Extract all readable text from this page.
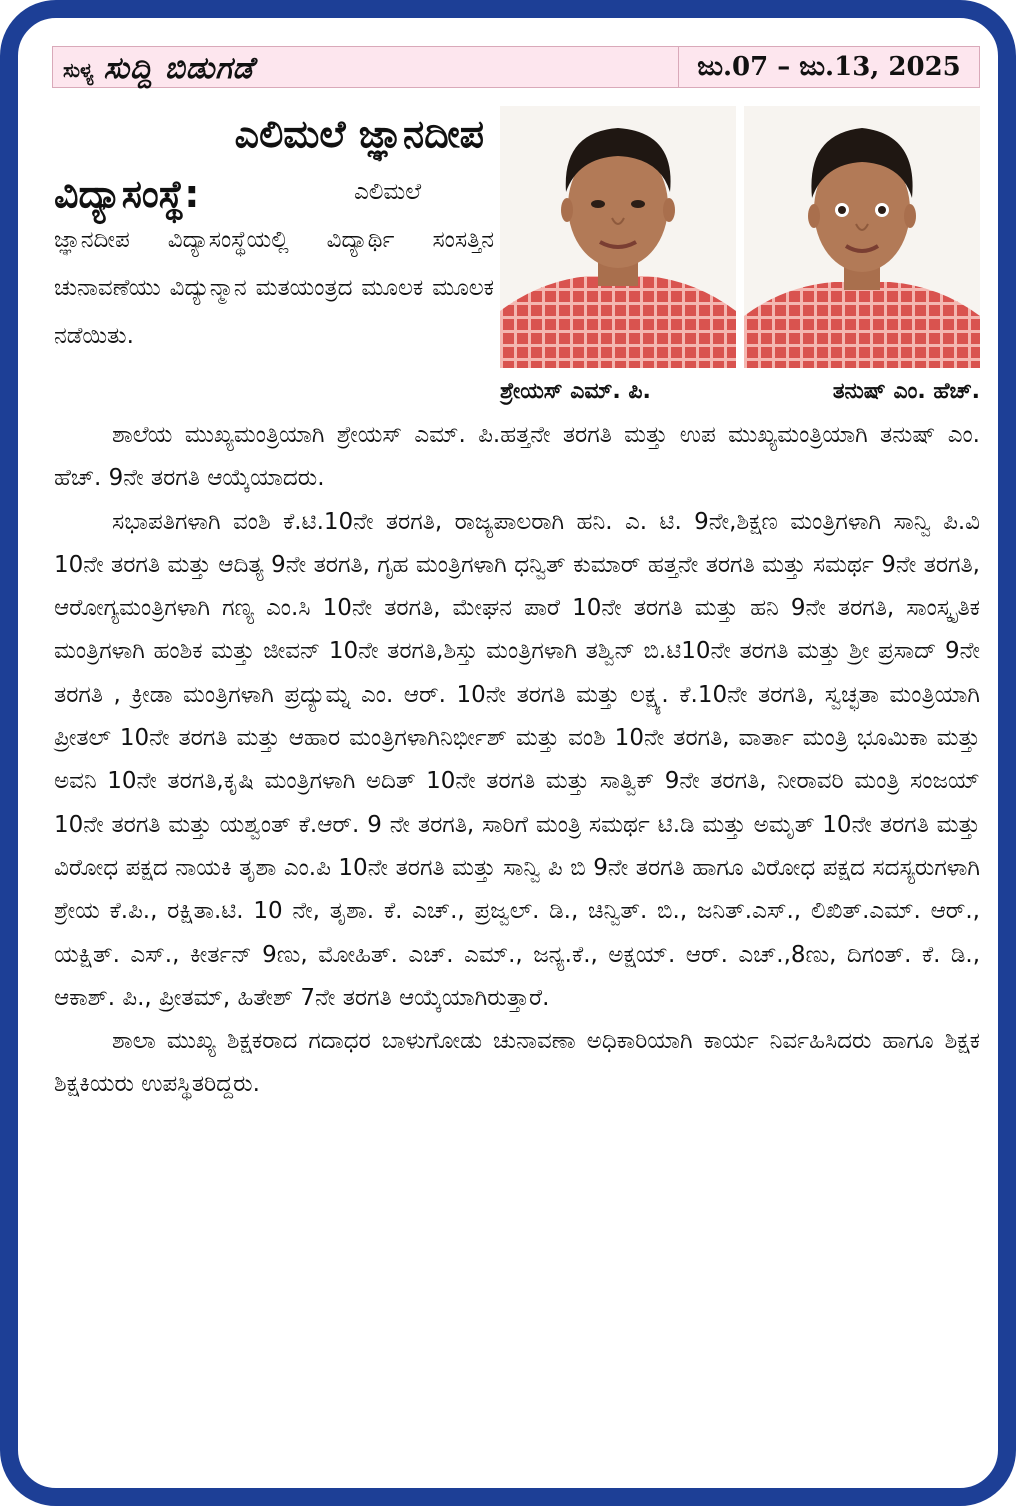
ಸುಳ್ಯ ಸುದ್ದಿ ಬಿಡುಗಡೆ	ಜು.07 – ಜು.13, 2025
ಎಲಿಮಲೆ ಜ್ಞಾನದೀಪ
ವಿದ್ಯಾಸಂಸ್ಥೆ:	ಎಲಿಮಲೆ ಜ್ಞಾನದೀಪ ವಿದ್ಯಾಸಂಸ್ಥೆಯಲ್ಲಿ ವಿದ್ಯಾರ್ಥಿ ಸಂಸತ್ತಿನ ಚುನಾವಣೆಯು ವಿದ್ಯುನ್ಮಾನ ಮತಯಂತ್ರದ ಮೂಲಕ ಮೂಲಕ ನಡೆಯಿತು.
ಶ್ರೇಯಸ್ ಎಮ್. ಪಿ.	ತನುಷ್ ಎಂ. ಹೆಚ್.

ಶಾಲೆಯ ಮುಖ್ಯಮಂತ್ರಿಯಾಗಿ ಶ್ರೇಯಸ್ ಎಮ್. ಪಿ.ಹತ್ತನೇ ತರಗತಿ ಮತ್ತು ಉಪ ಮುಖ್ಯಮಂತ್ರಿಯಾಗಿ ತನುಷ್ ಎಂ. ಹೆಚ್. 9ನೇ ತರಗತಿ ಆಯ್ಕೆಯಾದರು.

ಸಭಾಪತಿಗಳಾಗಿ ವಂಶಿ ಕೆ.ಟಿ.10ನೇ ತರಗತಿ, ರಾಜ್ಯಪಾಲರಾಗಿ ಹನಿ. ಎ. ಟಿ. 9ನೇ,ಶಿಕ್ಷಣ ಮಂತ್ರಿಗಳಾಗಿ ಸಾನ್ವಿ ಪಿ.ವಿ 10ನೇ ತರಗತಿ ಮತ್ತು ಆದಿತ್ಯ 9ನೇ ತರಗತಿ, ಗೃಹ ಮಂತ್ರಿಗಳಾಗಿ ಧನ್ವಿತ್ ಕುಮಾರ್ ಹತ್ತನೇ ತರಗತಿ ಮತ್ತು ಸಮರ್ಥ 9ನೇ ತರಗತಿ, ಆರೋಗ್ಯಮಂತ್ರಿಗಳಾಗಿ ಗಣ್ಯ ಎಂ.ಸಿ 10ನೇ ತರಗತಿ, ಮೇಘನ ಪಾರೆ 10ನೇ ತರಗತಿ ಮತ್ತು ಹನಿ 9ನೇ ತರಗತಿ, ಸಾಂಸ್ಕೃತಿಕ ಮಂತ್ರಿಗಳಾಗಿ ಹಂಶಿಕ ಮತ್ತು ಜೀವನ್ 10ನೇ ತರಗತಿ,ಶಿಸ್ತು ಮಂತ್ರಿಗಳಾಗಿ ತಶ್ವಿನ್ ಬಿ.ಟಿ10ನೇ ತರಗತಿ ಮತ್ತು ಶ್ರೀ ಪ್ರಸಾದ್ 9ನೇ ತರಗತಿ , ಕ್ರೀಡಾ ಮಂತ್ರಿಗಳಾಗಿ ಪ್ರದ್ಯುಮ್ನ ಎಂ. ಆರ್. 10ನೇ ತರಗತಿ ಮತ್ತು ಲಕ್ಷ್ಯ. ಕೆ.10ನೇ ತರಗತಿ, ಸ್ವಚ್ಛತಾ ಮಂತ್ರಿಯಾಗಿ ಪ್ರೀತಲ್ 10ನೇ ತರಗತಿ ಮತ್ತು ಆಹಾರ ಮಂತ್ರಿಗಳಾಗಿನಿರ್ಭೀಶ್ ಮತ್ತು ವಂಶಿ 10ನೇ ತರಗತಿ, ವಾರ್ತಾ ಮಂತ್ರಿ ಭೂಮಿಕಾ ಮತ್ತು ಅವನಿ 10ನೇ ತರಗತಿ,ಕೃಷಿ ಮಂತ್ರಿಗಳಾಗಿ ಅದಿತ್ 10ನೇ ತರಗತಿ ಮತ್ತು ಸಾತ್ವಿಕ್ 9ನೇ ತರಗತಿ, ನೀರಾವರಿ ಮಂತ್ರಿ ಸಂಜಯ್ 10ನೇ ತರಗತಿ ಮತ್ತು ಯಶ್ವಂತ್ ಕೆ.ಆರ್. 9 ನೇ ತರಗತಿ, ಸಾರಿಗೆ ಮಂತ್ರಿ ಸಮರ್ಥ ಟಿ.ಡಿ ಮತ್ತು ಅಮೃತ್ 10ನೇ ತರಗತಿ ಮತ್ತು ವಿರೋಧ ಪಕ್ಷದ ನಾಯಕಿ ತೃಶಾ ಎಂ.ಪಿ 10ನೇ ತರಗತಿ ಮತ್ತು ಸಾನ್ವಿ ಪಿ ಬಿ 9ನೇ ತರಗತಿ ಹಾಗೂ ವಿರೋಧ ಪಕ್ಷದ ಸದಸ್ಯರುಗಳಾಗಿ ಶ್ರೇಯ ಕೆ.ಪಿ., ರಕ್ಷಿತಾ.ಟಿ. 10 ನೇ, ತೃಶಾ. ಕೆ. ಎಚ್., ಪ್ರಜ್ವಲ್. ಡಿ., ಚಿನ್ವಿತ್. ಬಿ., ಜನಿತ್.ಎಸ್., ಲಿಖಿತ್.ಎಮ್. ಆರ್., ಯಕ್ಷಿತ್. ಎಸ್., ಕೀರ್ತನ್ 9ಣು, ಮೋಹಿತ್. ಎಚ್. ಎಮ್., ಜನ್ಯ.ಕೆ., ಅಕ್ಷಯ್. ಆರ್. ಎಚ್.,8ಣು, ದಿಗಂತ್. ಕೆ. ಡಿ., ಆಕಾಶ್. ಪಿ., ಪ್ರೀತಮ್, ಹಿತೇಶ್ 7ನೇ ತರಗತಿ ಆಯ್ಕೆಯಾಗಿರುತ್ತಾರೆ.

ಶಾಲಾ ಮುಖ್ಯ ಶಿಕ್ಷಕರಾದ ಗದಾಧರ ಬಾಳುಗೋಡು ಚುನಾವಣಾ ಅಧಿಕಾರಿಯಾಗಿ ಕಾರ್ಯ ನಿರ್ವಹಿಸಿದರು ಹಾಗೂ ಶಿಕ್ಷಕ ಶಿಕ್ಷಕಿಯರು ಉಪಸ್ಥಿತರಿದ್ದರು.
